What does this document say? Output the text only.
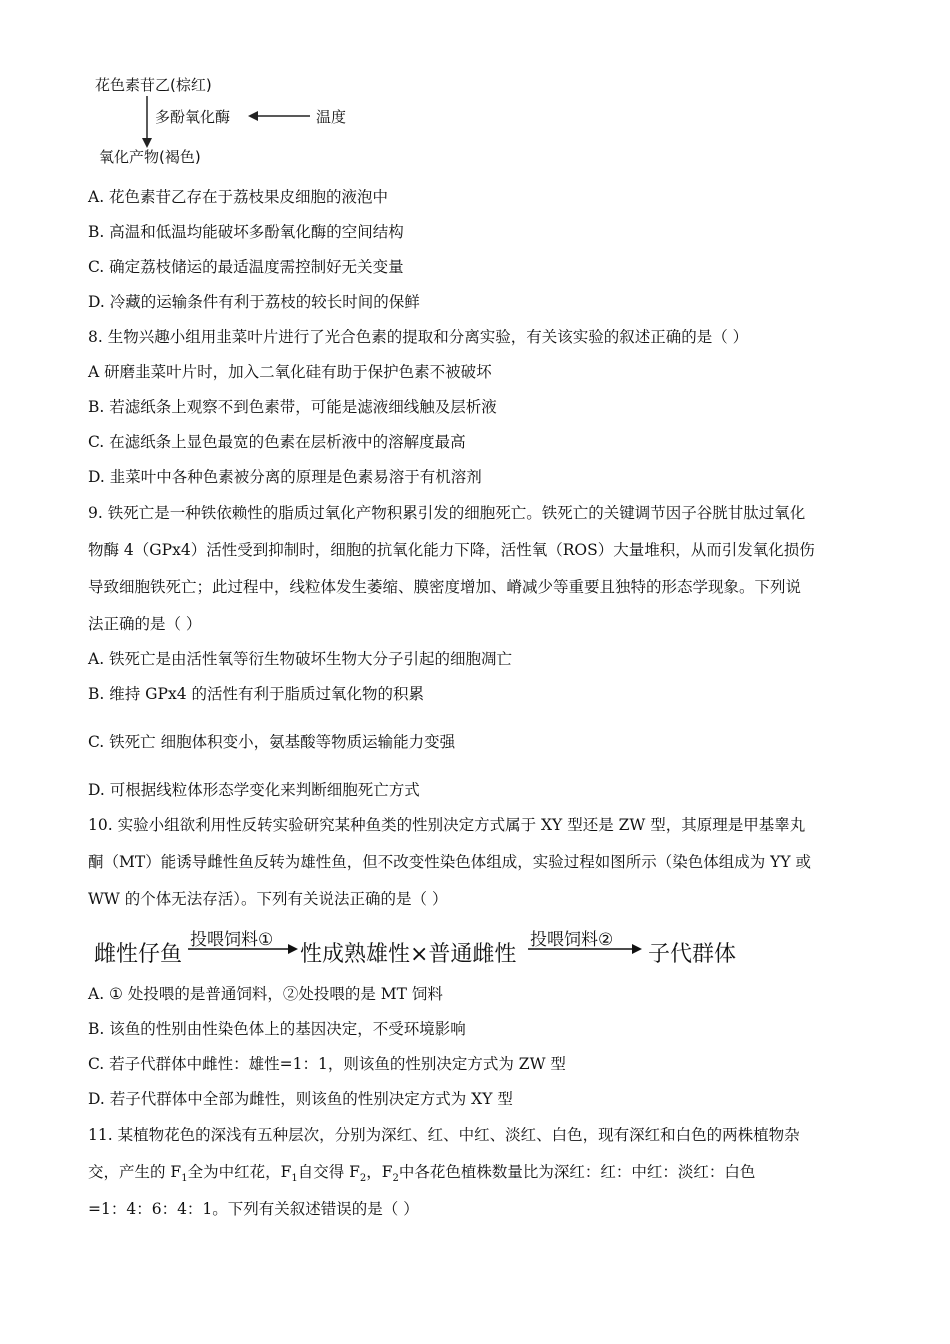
花色素苷乙(棕红)
多酚氧化酶	温度
氧化产物(褐色)
A. 花色素苷乙存在于荔枝果皮细胞的液泡中
B. 高温和低温均能破坏多酚氧化酶的空间结构
C. 确定荔枝储运的最适温度需控制好无关变量
D. 冷藏的运输条件有利于荔枝的较长时间的保鲜
8. 生物兴趣小组用韭菜叶片进行了光合色素的提取和分离实验，有关该实验的叙述正确的是（ ）
A 研磨韭菜叶片时，加入二氧化硅有助于保护色素不被破坏
B. 若滤纸条上观察不到色素带，可能是滤液细线触及层析液
C. 在滤纸条上显色最宽的色素在层析液中的溶解度最高
D. 韭菜叶中各种色素被分离的原理是色素易溶于有机溶剂
9. 铁死亡是一种铁依赖性的脂质过氧化产物积累引发的细胞死亡。铁死亡的关键调节因子谷胱甘肽过氧化
物酶 4（GPx4）活性受到抑制时，细胞的抗氧化能力下降，活性氧（ROS）大量堆积，从而引发氧化损伤
导致细胞铁死亡；此过程中，线粒体发生萎缩、膜密度增加、嵴减少等重要且独特的形态学现象。下列说
法正确的是（ ）
A. 铁死亡是由活性氧等衍生物破坏生物大分子引起的细胞凋亡
B. 维持 GPx4 的活性有利于脂质过氧化物的积累
C. 铁死亡 细胞体积变小，氨基酸等物质运输能力变强
D. 可根据线粒体形态学变化来判断细胞死亡方式
10. 实验小组欲利用性反转实验研究某种鱼类的性别决定方式属于 XY 型还是 ZW 型，其原理是甲基睾丸
酮（MT）能诱导雌性鱼反转为雄性鱼，但不改变性染色体组成，实验过程如图所示（染色体组成为 YY 或
WW 的个体无法存活）。下列有关说法正确的是（ ）
雌性仔鱼
投喂饲料①
性成熟雄性×普通雌性
投喂饲料②
子代群体
A. ① 处投喂的是普通饲料，②处投喂的是 MT 饲料
B. 该鱼的性别由性染色体上的基因决定，不受环境影响
C. 若子代群体中雌性：雄性=1：1，则该鱼的性别决定方式为 ZW 型
D. 若子代群体中全部为雌性，则该鱼的性别决定方式为 XY 型
11. 某植物花色的深浅有五种层次，分别为深红、红、中红、淡红、白色，现有深红和白色的两株植物杂
交，产生的 $F_1$全为中红花，$F_1$自交得 $F_2$，$F_2$中各花色植株数量比为深红：红：中红：淡红：白色
=1：4：6：4：1。下列有关叙述错误的是（ ）
